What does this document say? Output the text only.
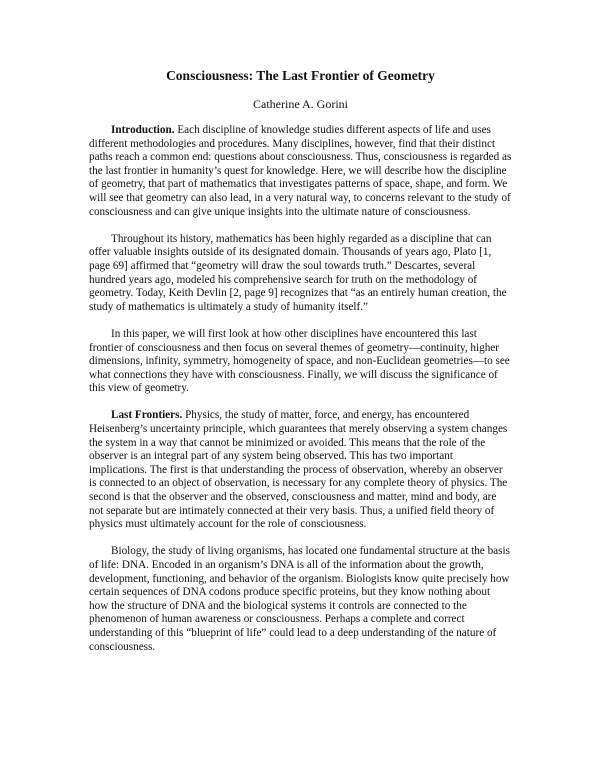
Consciousness: The Last Frontier of Geometry
Catherine A. Gorini

Introduction. Each discipline of knowledge studies different aspects of life and uses different methodologies and procedures. Many disciplines, however, find that their distinct paths reach a common end: questions about consciousness. Thus, consciousness is regarded as the last frontier in humanity’s quest for knowledge. Here, we will describe how the discipline of geometry, that part of mathematics that investigates patterns of space, shape, and form. We will see that geometry can also lead, in a very natural way, to concerns relevant to the study of consciousness and can give unique insights into the ultimate nature of consciousness.

Throughout its history, mathematics has been highly regarded as a discipline that can offer valuable insights outside of its designated domain. Thousands of years ago, Plato [1, page 69] affirmed that “geometry will draw the soul towards truth.” Descartes, several hundred years ago, modeled his comprehensive search for truth on the methodology of geometry. Today, Keith Devlin [2, page 9] recognizes that “as an entirely human creation, the study of mathematics is ultimately a study of humanity itself.”

In this paper, we will first look at how other disciplines have encountered this last frontier of consciousness and then focus on several themes of geometry—continuity, higher dimensions, infinity, symmetry, homogeneity of space, and non-Euclidean geometries—to see what connections they have with consciousness. Finally, we will discuss the significance of this view of geometry.

Last Frontiers. Physics, the study of matter, force, and energy, has encountered Heisenberg’s uncertainty principle, which guarantees that merely observing a system changes the system in a way that cannot be minimized or avoided. This means that the role of the observer is an integral part of any system being observed. This has two important implications. The first is that understanding the process of observation, whereby an observer is connected to an object of observation, is necessary for any complete theory of physics. The second is that the observer and the observed, consciousness and matter, mind and body, are not separate but are intimately connected at their very basis. Thus, a unified field theory of physics must ultimately account for the role of consciousness.

Biology, the study of living organisms, has located one fundamental structure at the basis of life: DNA. Encoded in an organism’s DNA is all of the information about the growth, development, functioning, and behavior of the organism. Biologists know quite precisely how certain sequences of DNA codons produce specific proteins, but they know nothing about how the structure of DNA and the biological systems it controls are connected to the phenomenon of human awareness or consciousness. Perhaps a complete and correct understanding of this “blueprint of life” could lead to a deep understanding of the nature of consciousness.
